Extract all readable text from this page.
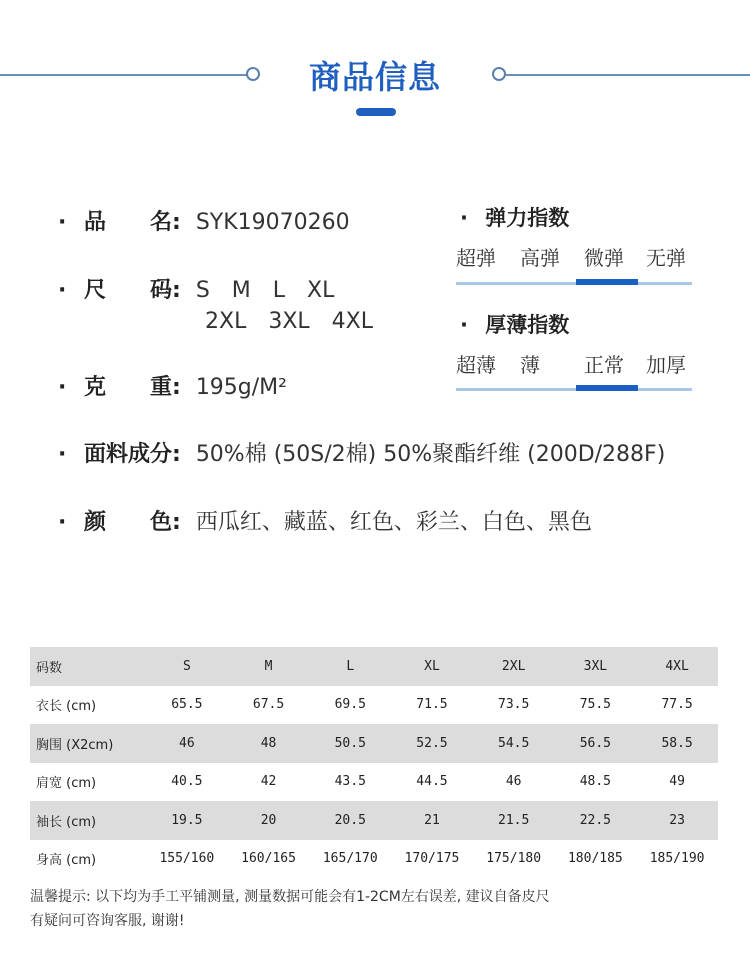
商品信息
· 品　　名: SYK19070260
· 尺　　码: S　M　L　XL
2XL　3XL　4XL
· 克　　重: 195g/M²
· 面料成分: 50%棉 (50S/2棉) 50%聚酯纤维 (200D/288F)
· 颜　　色: 西瓜红、藏蓝、红色、彩兰、白色、黑色
· 弹力指数
超弹 高弹 微弹 无弹
· 厚薄指数
超薄 薄 正常 加厚
码数	S	M	L	XL	2XL	3XL	4XL
衣长 (cm)	65.5	67.5	69.5	71.5	73.5	75.5	77.5
胸围 (X2cm)	46	48	50.5	52.5	54.5	56.5	58.5
肩宽 (cm)	40.5	42	43.5	44.5	46	48.5	49
袖长 (cm)	19.5	20	20.5	21	21.5	22.5	23
身高 (cm)	155/160	160/165	165/170	170/175	175/180	180/185	185/190
温馨提示: 以下均为手工平铺测量, 测量数据可能会有1-2CM左右误差, 建议自备皮尺
有疑问可咨询客服, 谢谢!
